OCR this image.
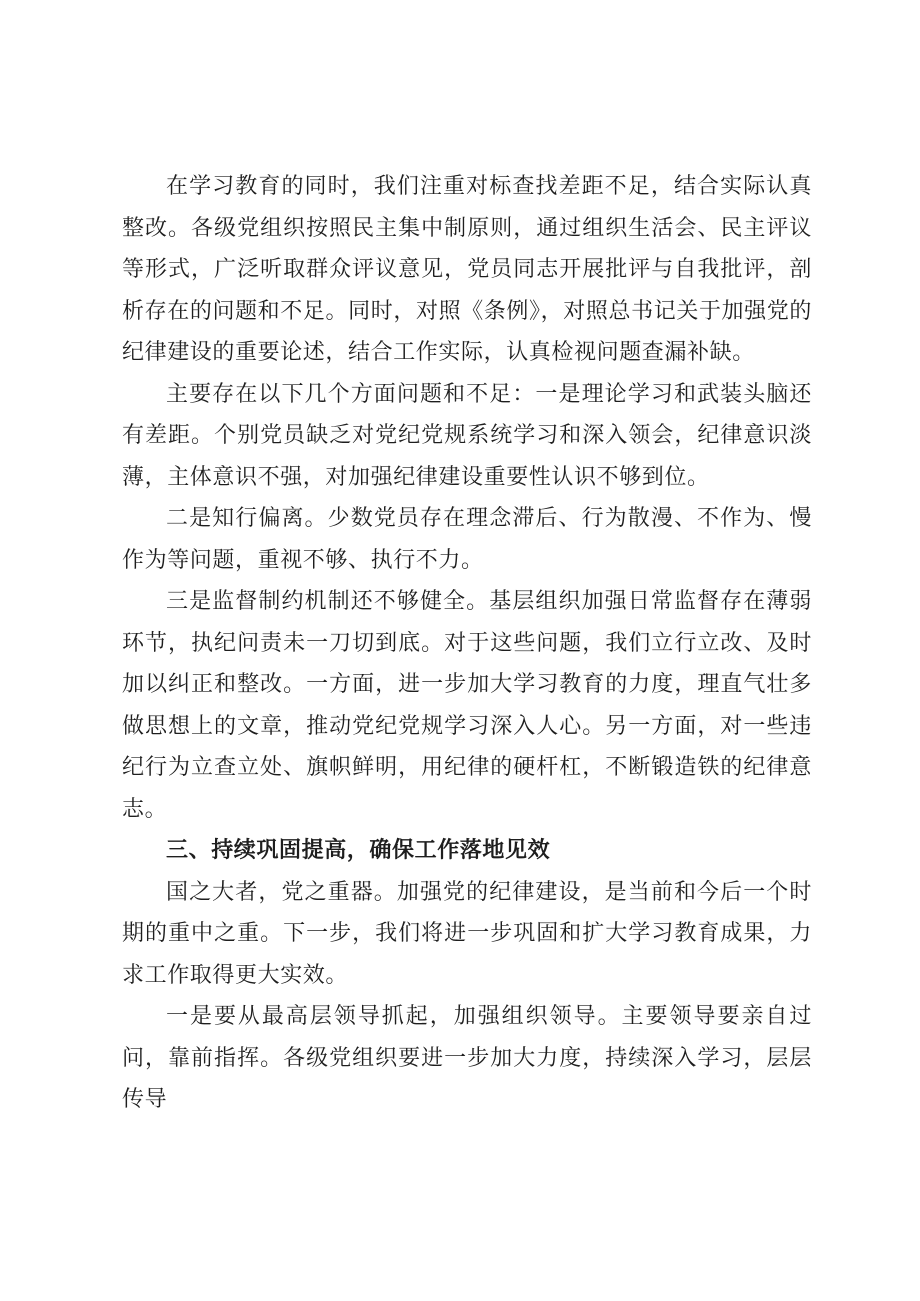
在学习教育的同时，我们注重对标查找差距不足，结合实际认真整改。各级党组织按照民主集中制原则，通过组织生活会、民主评议等形式，广泛听取群众评议意见，党员同志开展批评与自我批评，剖析存在的问题和不足。同时，对照《条例》，对照总书记关于加强党的纪律建设的重要论述，结合工作实际，认真检视问题查漏补缺。

主要存在以下几个方面问题和不足：一是理论学习和武装头脑还有差距。个别党员缺乏对党纪党规系统学习和深入领会，纪律意识淡薄，主体意识不强，对加强纪律建设重要性认识不够到位。

二是知行偏离。少数党员存在理念滞后、行为散漫、不作为、慢作为等问题，重视不够、执行不力。

三是监督制约机制还不够健全。基层组织加强日常监督存在薄弱环节，执纪问责未一刀切到底。对于这些问题，我们立行立改、及时加以纠正和整改。一方面，进一步加大学习教育的力度，理直气壮多做思想上的文章，推动党纪党规学习深入人心。另一方面，对一些违纪行为立查立处、旗帜鲜明，用纪律的硬杆杠，不断锻造铁的纪律意志。

三、持续巩固提高，确保工作落地见效

国之大者，党之重器。加强党的纪律建设，是当前和今后一个时期的重中之重。下一步，我们将进一步巩固和扩大学习教育成果，力求工作取得更大实效。

一是要从最高层领导抓起，加强组织领导。主要领导要亲自过问，靠前指挥。各级党组织要进一步加大力度，持续深入学习，层层传导
